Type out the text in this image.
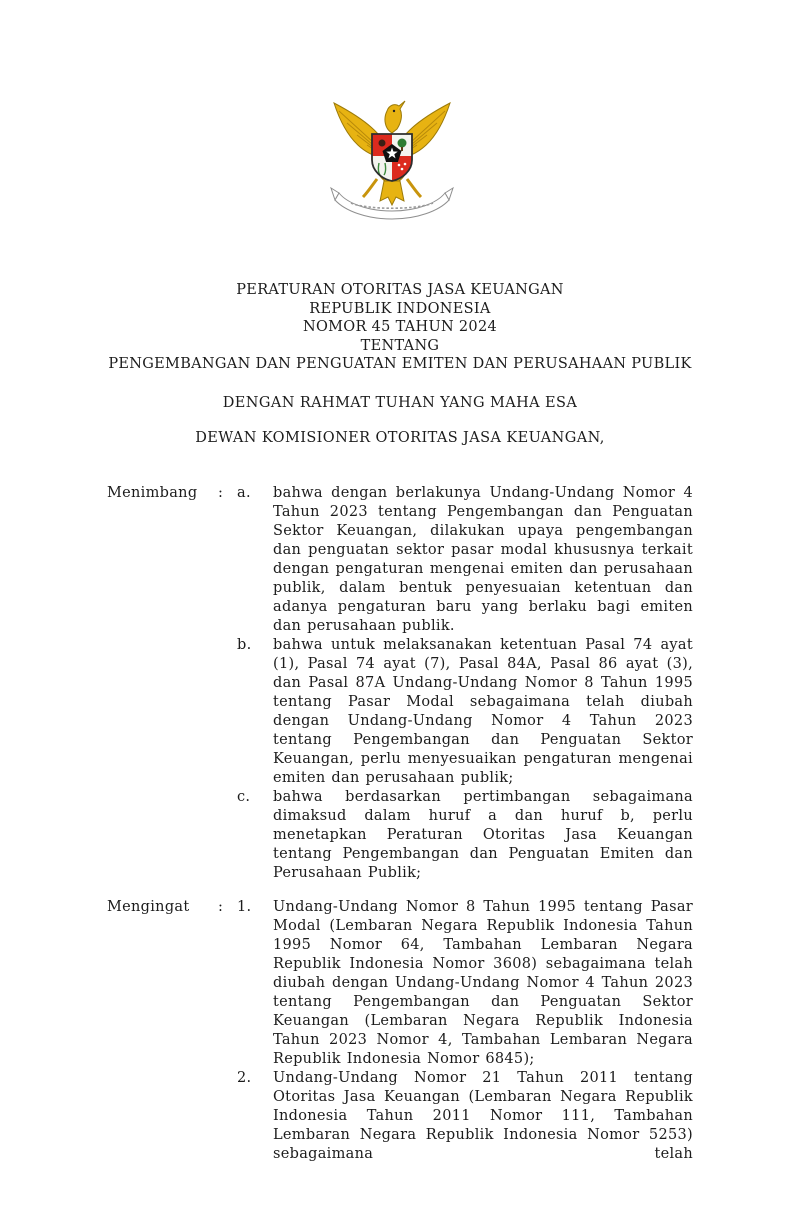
PERATURAN OTORITAS JASA KEUANGAN
REPUBLIK INDONESIA
NOMOR 45 TAHUN 2024
TENTANG
PENGEMBANGAN DAN PENGUATAN EMITEN DAN PERUSAHAAN PUBLIK
DENGAN RAHMAT TUHAN YANG MAHA ESA
DEWAN KOMISIONER OTORITAS JASA KEUANGAN,
Menimbang	: a.	bahwa dengan berlakunya Undang-Undang Nomor 4 Tahun 2023 tentang Pengembangan dan Penguatan Sektor Keuangan, dilakukan upaya pengembangan dan penguatan sektor pasar modal khususnya terkait dengan pengaturan mengenai emiten dan perusahaan publik, dalam bentuk penyesuaian ketentuan dan adanya pengaturan baru yang berlaku bagi emiten dan perusahaan publik.
b.	bahwa untuk melaksanakan ketentuan Pasal 74 ayat (1), Pasal 74 ayat (7), Pasal 84A, Pasal 86 ayat (3), dan Pasal 87A Undang-Undang Nomor 8 Tahun 1995 tentang Pasar Modal sebagaimana telah diubah dengan Undang-Undang Nomor 4 Tahun 2023 tentang Pengembangan dan Penguatan Sektor Keuangan, perlu menyesuaikan pengaturan mengenai emiten dan perusahaan publik;
c.	bahwa berdasarkan pertimbangan sebagaimana dimaksud dalam huruf a dan huruf b, perlu menetapkan Peraturan Otoritas Jasa Keuangan tentang Pengembangan dan Penguatan Emiten dan Perusahaan Publik;
Mengingat	: 1.	Undang-Undang Nomor 8 Tahun 1995 tentang Pasar Modal (Lembaran Negara Republik Indonesia Tahun 1995 Nomor 64, Tambahan Lembaran Negara Republik Indonesia Nomor 3608) sebagaimana telah diubah dengan Undang-Undang Nomor 4 Tahun 2023 tentang Pengembangan dan Penguatan Sektor Keuangan (Lembaran Negara Republik Indonesia Tahun 2023 Nomor 4, Tambahan Lembaran Negara Republik Indonesia Nomor 6845);
2.	Undang-Undang Nomor 21 Tahun 2011 tentang Otoritas Jasa Keuangan (Lembaran Negara Republik Indonesia Tahun 2011 Nomor 111, Tambahan Lembaran Negara Republik Indonesia Nomor 5253) sebagaimana telah
